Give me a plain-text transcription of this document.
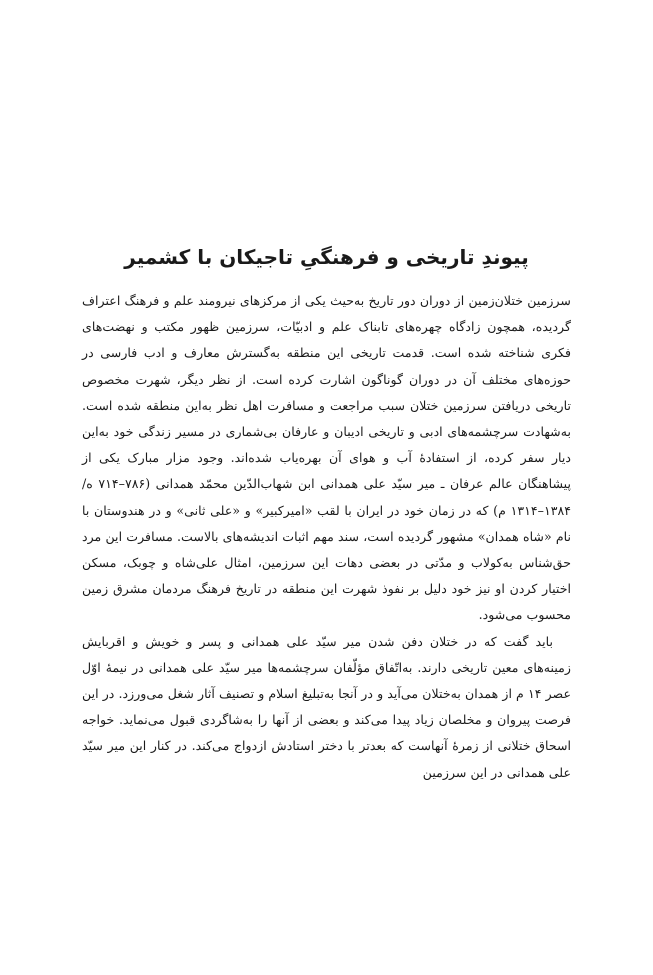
پیوندِ تاریخی و فرهنگیِ تاجیکان با کشمیر

سرزمین ختلان‌زمین از دوران دور تاریخ به‌حیث یکی از مرکزهای نیرومند علم و فرهنگ اعتراف گردیده، همچون زادگاه چهره‌های تابناک علم و ادبیّات، سرزمین ظهور مکتب و نهضت‌های فکری شناخته شده است. قدمت تاریخی این منطقه به‌گسترش معارف و ادب فارسی در حوزه‌های مختلف آن در دوران گوناگون اشارت کرده است. از نظر دیگر، شهرت مخصوص تاریخی دریافتن سرزمین ختلان سبب مراجعت و مسافرت اهل نظر به‌این منطقه شده است. به‌شهادت سرچشمه‌های ادبی و تاریخی ادیبان و عارفان بی‌شماری در مسیر زندگی خود به‌این دیار سفر کرده، از استفادهٔ آب و هوای آن بهره‌یاب شده‌اند. وجود مزار مبارک یکی از پیشاهنگان عالم عرفان ـ میر سیّد علی همدانی ابن شهاب‌الدّین محمّد همدانی (۷۸۶–۷۱۴ ه/۱۳۸۴–۱۳۱۴ م) که در زمان خود در ایران با لقب «امیرکبیر» و «علی ثانی» و در هندوستان با نام «شاه همدان» مشهور گردیده است، سند مهم اثبات اندیشه‌های بالاست. مسافرت این مرد حق‌شناس به‌کولاب و مدّتی در بعضی دهات این سرزمین، امثال علی‌شاه و چوبک، مسکن اختیار کردن او نیز خود دلیل بر نفوذ شهرت این منطقه در تاریخ فرهنگ مردمان مشرق زمین محسوب می‌شود.

باید گفت که در ختلان دفن شدن میر سیّد علی همدانی و پسر و خویش و اقربایش زمینه‌های معین تاریخی دارند. به‌اتّفاق مؤلّفان سرچشمه‌ها میر سیّد علی همدانی در نیمهٔ اوّل عصر ۱۴ م از همدان به‌ختلان می‌آید و در آنجا به‌تبلیغ اسلام و تصنیف آثار شغل می‌ورزد. در این فرصت پیروان و مخلصان زیاد پیدا می‌کند و بعضی از آنها را به‌شاگردی قبول می‌نماید. خواجه اسحاق ختلانی از زمرهٔ آنهاست که بعدتر با دختر استادش ازدواج می‌کند. در کنار این میر سیّد علی همدانی در این سرزمین
